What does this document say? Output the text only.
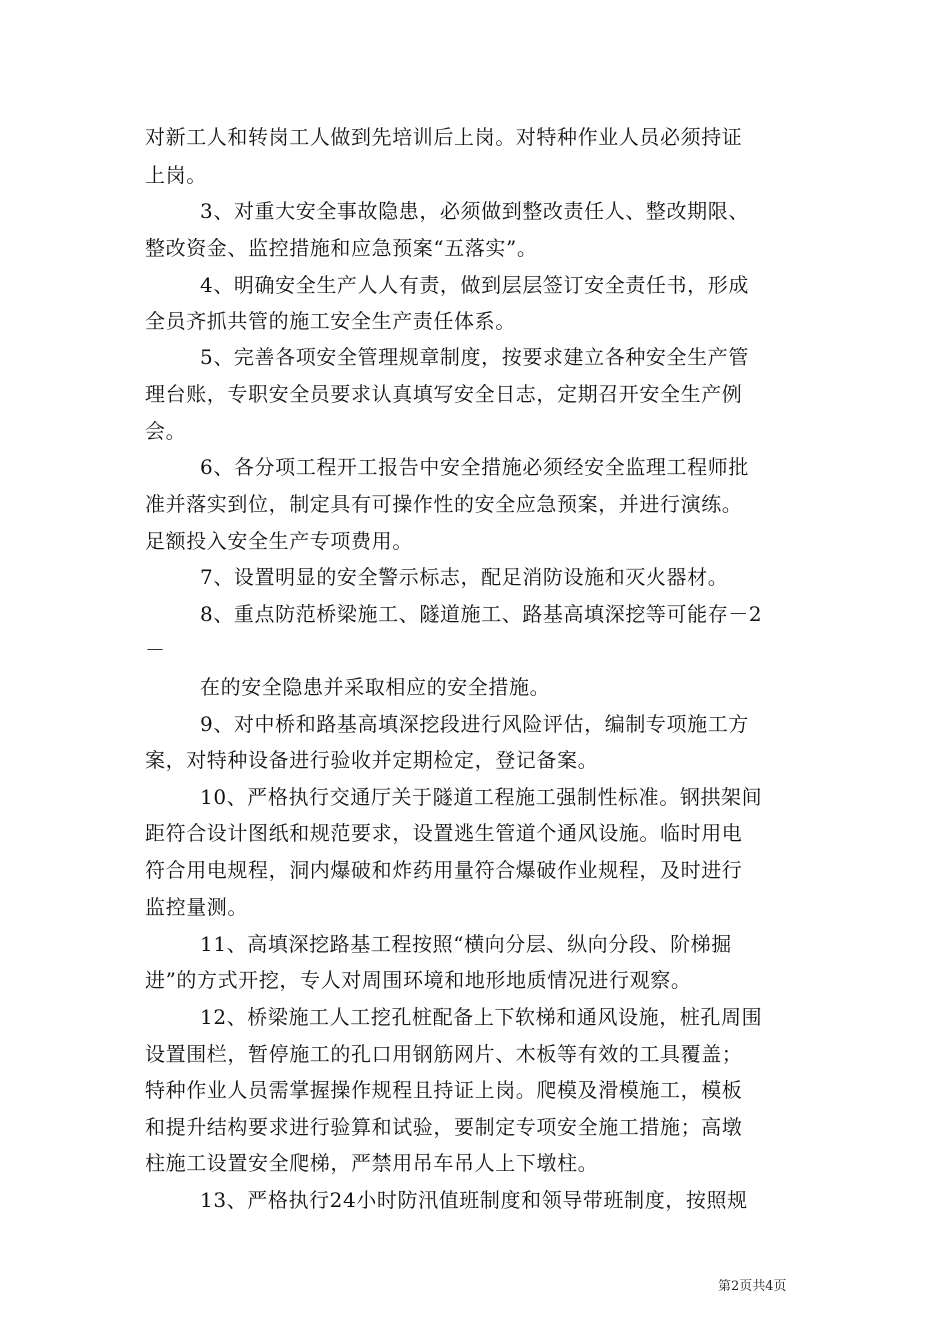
对新工人和转岗工人做到先培训后上岗。对特种作业人员必须持证
上岗。
3、对重大安全事故隐患，必须做到整改责任人、整改期限、
整改资金、监控措施和应急预案“五落实”。
4、明确安全生产人人有责，做到层层签订安全责任书，形成
全员齐抓共管的施工安全生产责任体系。
5、完善各项安全管理规章制度，按要求建立各种安全生产管
理台账，专职安全员要求认真填写安全日志，定期召开安全生产例
会。
6、各分项工程开工报告中安全措施必须经安全监理工程师批
准并落实到位，制定具有可操作性的安全应急预案，并进行演练。
足额投入安全生产专项费用。
7、设置明显的安全警示标志，配足消防设施和灭火器材。
8、重点防范桥梁施工、隧道施工、路基高填深挖等可能存－2
－
在的安全隐患并采取相应的安全措施。
9、对中桥和路基高填深挖段进行风险评估，编制专项施工方
案，对特种设备进行验收并定期检定，登记备案。
10、严格执行交通厅关于隧道工程施工强制性标准。钢拱架间
距符合设计图纸和规范要求，设置逃生管道个通风设施。临时用电
符合用电规程，洞内爆破和炸药用量符合爆破作业规程，及时进行
监控量测。
11、高填深挖路基工程按照“横向分层、纵向分段、阶梯掘
进”的方式开挖，专人对周围环境和地形地质情况进行观察。
12、桥梁施工人工挖孔桩配备上下软梯和通风设施，桩孔周围
设置围栏，暂停施工的孔口用钢筋网片、木板等有效的工具覆盖；
特种作业人员需掌握操作规程且持证上岗。爬模及滑模施工，模板
和提升结构要求进行验算和试验，要制定专项安全施工措施；高墩
柱施工设置安全爬梯，严禁用吊车吊人上下墩柱。
13、严格执行24小时防汛值班制度和领导带班制度，按照规
第2页共4页
